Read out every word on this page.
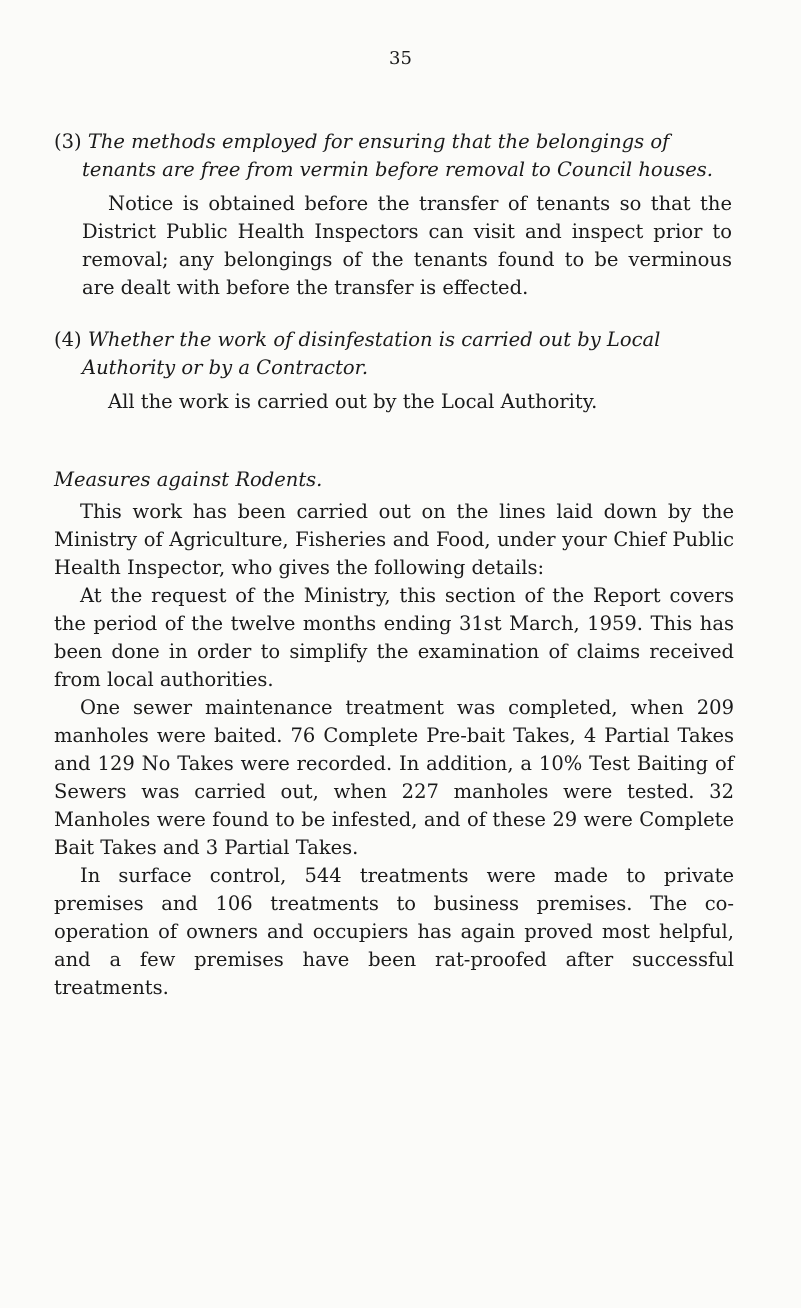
35
(3) The methods employed for ensuring that the belongings of
tenants are free from vermin before removal to Council houses.

Notice is obtained before the transfer of tenants so that the District Public Health Inspectors can visit and inspect prior to removal; any belongings of the tenants found to be verminous are dealt with before the transfer is effected.

(4) Whether the work of disinfestation is carried out by Local
Authority or by a Contractor.

All the work is carried out by the Local Authority.

Measures against Rodents.

This work has been carried out on the lines laid down by the Ministry of Agriculture, Fisheries and Food, under your Chief Public Health Inspector, who gives the following details:

At the request of the Ministry, this section of the Report covers the period of the twelve months ending 31st March, 1959. This has been done in order to simplify the examination of claims received from local authorities.

One sewer maintenance treatment was completed, when 209 manholes were baited. 76 Complete Pre-bait Takes, 4 Partial Takes and 129 No Takes were recorded. In addition, a 10% Test Baiting of Sewers was carried out, when 227 manholes were tested. 32 Manholes were found to be infested, and of these 29 were Complete Bait Takes and 3 Partial Takes.

In surface control, 544 treatments were made to private premises and 106 treatments to business premises. The co-operation of owners and occupiers has again proved most helpful, and a few premises have been rat-proofed after successful treatments.
